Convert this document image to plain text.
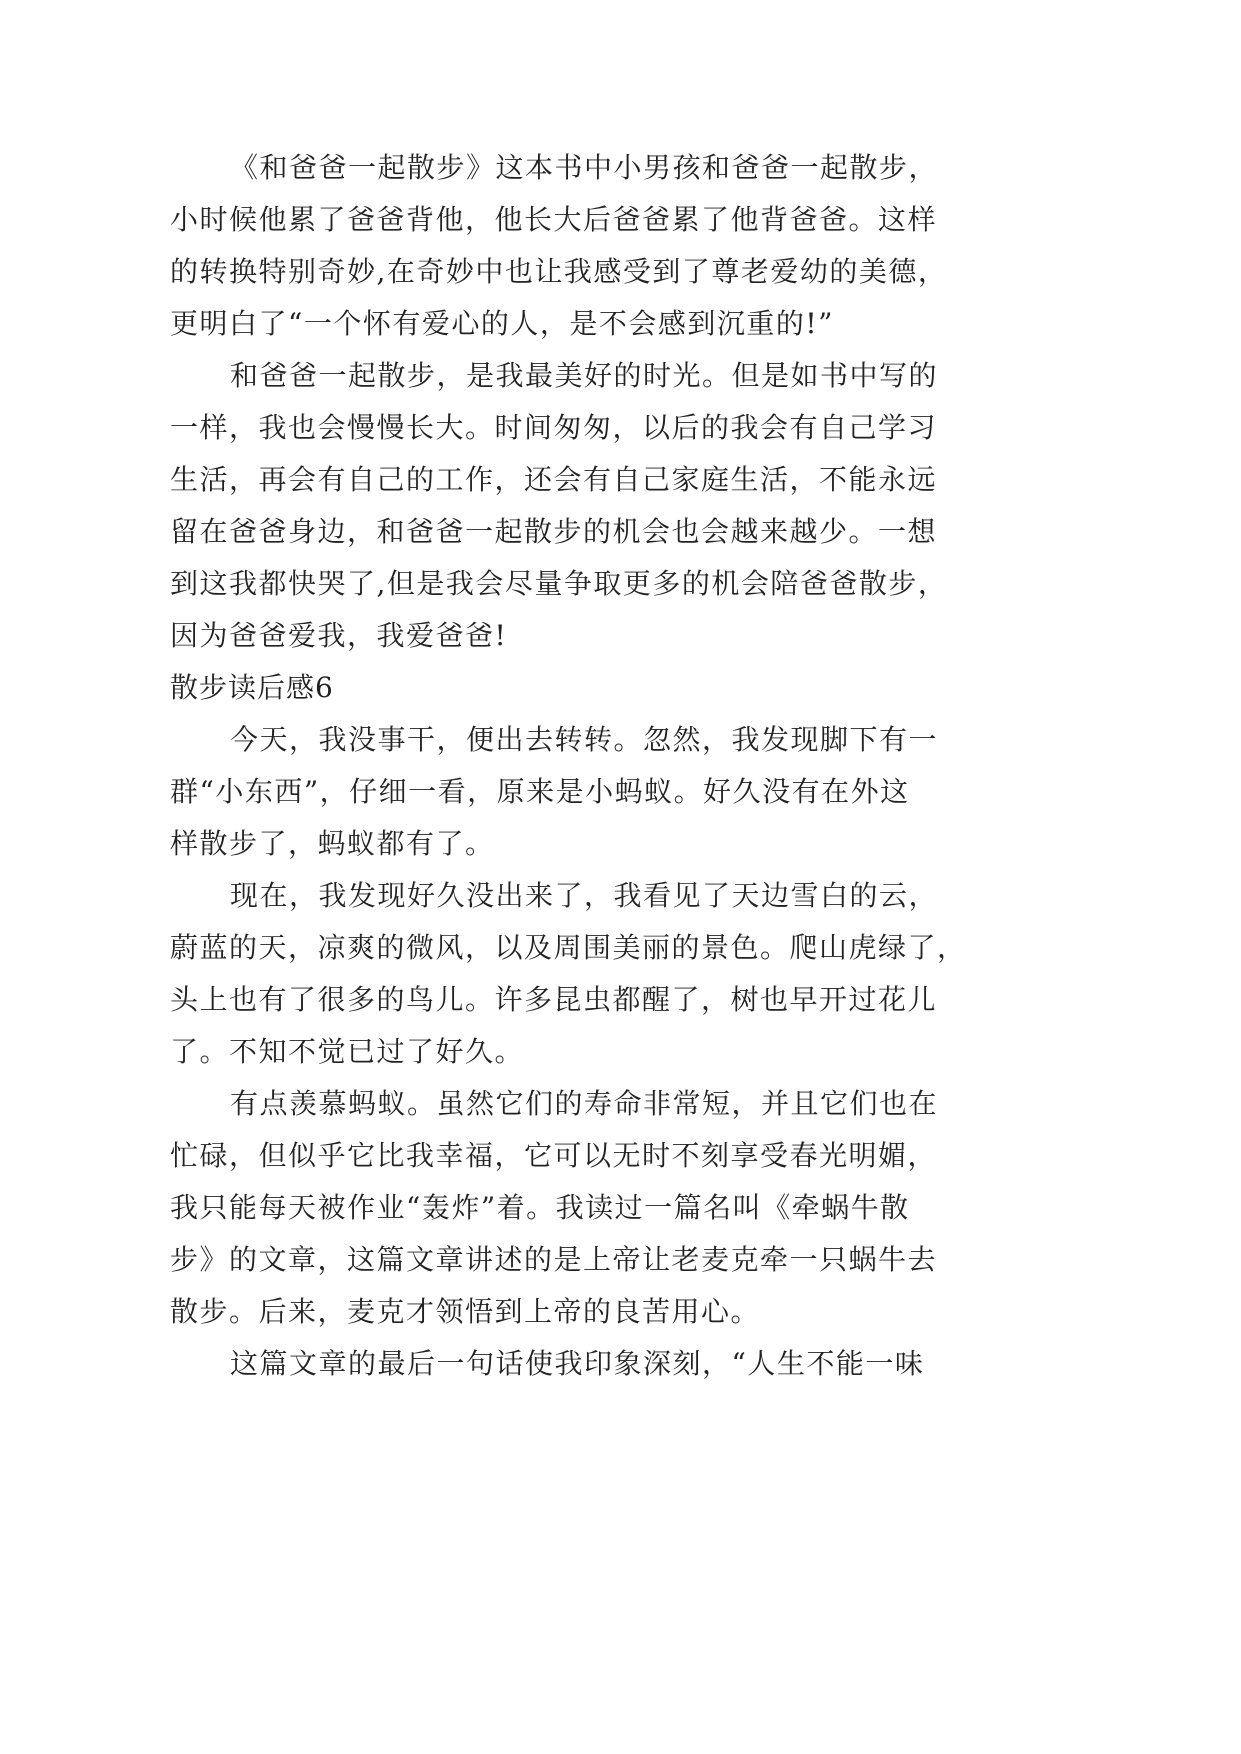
《和爸爸一起散步》这本书中小男孩和爸爸一起散步，
小时候他累了爸爸背他，他长大后爸爸累了他背爸爸。这样
的转换特别奇妙,在奇妙中也让我感受到了尊老爱幼的美德，
更明白了“一个怀有爱心的人，是不会感到沉重的!”
和爸爸一起散步，是我最美好的时光。但是如书中写的
一样，我也会慢慢长大。时间匆匆，以后的我会有自己学习
生活，再会有自己的工作，还会有自己家庭生活，不能永远
留在爸爸身边，和爸爸一起散步的机会也会越来越少。一想
到这我都快哭了,但是我会尽量争取更多的机会陪爸爸散步，
因为爸爸爱我，我爱爸爸!
散步读后感6
今天，我没事干，便出去转转。忽然，我发现脚下有一
群“小东西”，仔细一看，原来是小蚂蚁。好久没有在外这
样散步了，蚂蚁都有了。
现在，我发现好久没出来了，我看见了天边雪白的云，
蔚蓝的天，凉爽的微风，以及周围美丽的景色。爬山虎绿了，
头上也有了很多的鸟儿。许多昆虫都醒了，树也早开过花儿
了。不知不觉已过了好久。
有点羡慕蚂蚁。虽然它们的寿命非常短，并且它们也在
忙碌，但似乎它比我幸福，它可以无时不刻享受春光明媚，
我只能每天被作业“轰炸”着。我读过一篇名叫《牵蜗牛散
步》的文章，这篇文章讲述的是上帝让老麦克牵一只蜗牛去
散步。后来，麦克才领悟到上帝的良苦用心。
这篇文章的最后一句话使我印象深刻，“人生不能一味
